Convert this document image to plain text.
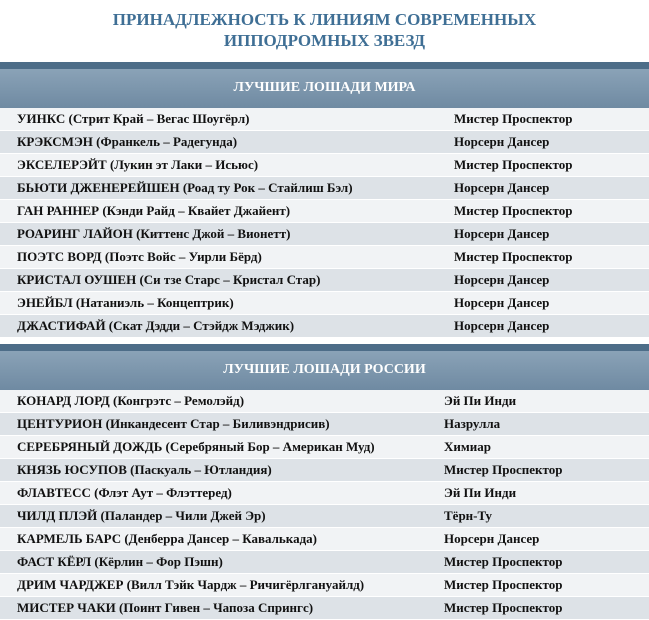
ПРИНАДЛЕЖНОСТЬ К ЛИНИЯМ СОВРЕМЕННЫХ
ИППОДРОМНЫХ ЗВЕЗД
ЛУЧШИЕ ЛОШАДИ МИРА
УИНКС (Стрит Край – Вегас Шоугёрл)	Мистер Проспектор
КРЭКСМЭН (Франкель – Радегунда)	Норсерн Дансер
ЭКСЕЛЕРЭЙТ (Лукин эт Лаки – Исьюс)	Мистер Проспектор
БЬЮТИ ДЖЕНЕРЕЙШЕН (Роад ту Рок – Стайлиш Бэл)	Норсерн Дансер
ГАН РАННЕР (Кэнди Райд – Квайет Джайент)	Мистер Проспектор
РОАРИНГ ЛАЙОН (Киттенс Джой – Вионетт)	Норсерн Дансер
ПОЭТС ВОРД (Поэтс Войс – Уирли Бёрд)	Мистер Проспектор
КРИСТАЛ ОУШЕН (Си тзе Старс – Кристал Стар)	Норсерн Дансер
ЭНЕЙБЛ (Натаниэль – Концептрик)	Норсерн Дансер
ДЖАСТИФАЙ (Скат Дэдди – Стэйдж Мэджик)	Норсерн Дансер
ЛУЧШИЕ ЛОШАДИ РОССИИ
КОНАРД ЛОРД (Конгрэтс – Ремолэйд)	Эй Пи Инди
ЦЕНТУРИОН (Инкандесент Стар – Биливэндрисив)	Назрулла
СЕРЕБРЯНЫЙ ДОЖДЬ (Серебряный Бор – Американ Муд)	Химиар
КНЯЗЬ ЮСУПОВ (Паскуаль – Ютландия)	Мистер Проспектор
ФЛАВТЕСС (Флэт Аут – Флэттеред)	Эй Пи Инди
ЧИЛД ПЛЭЙ (Паландер – Чили Джей Эр)	Тёрн-Ту
КАРМЕЛЬ БАРС (Денберра Дансер – Кавалькада)	Норсерн Дансер
ФАСТ КЁРЛ (Кёрлин – Фор Пэшн)	Мистер Проспектор
ДРИМ ЧАРДЖЕР (Вилл Тэйк Чардж – Ричигёрлгануайлд)	Мистер Проспектор
МИСТЕР ЧАКИ (Поинт Гивен – Чапоза Спрингс)	Мистер Проспектор
